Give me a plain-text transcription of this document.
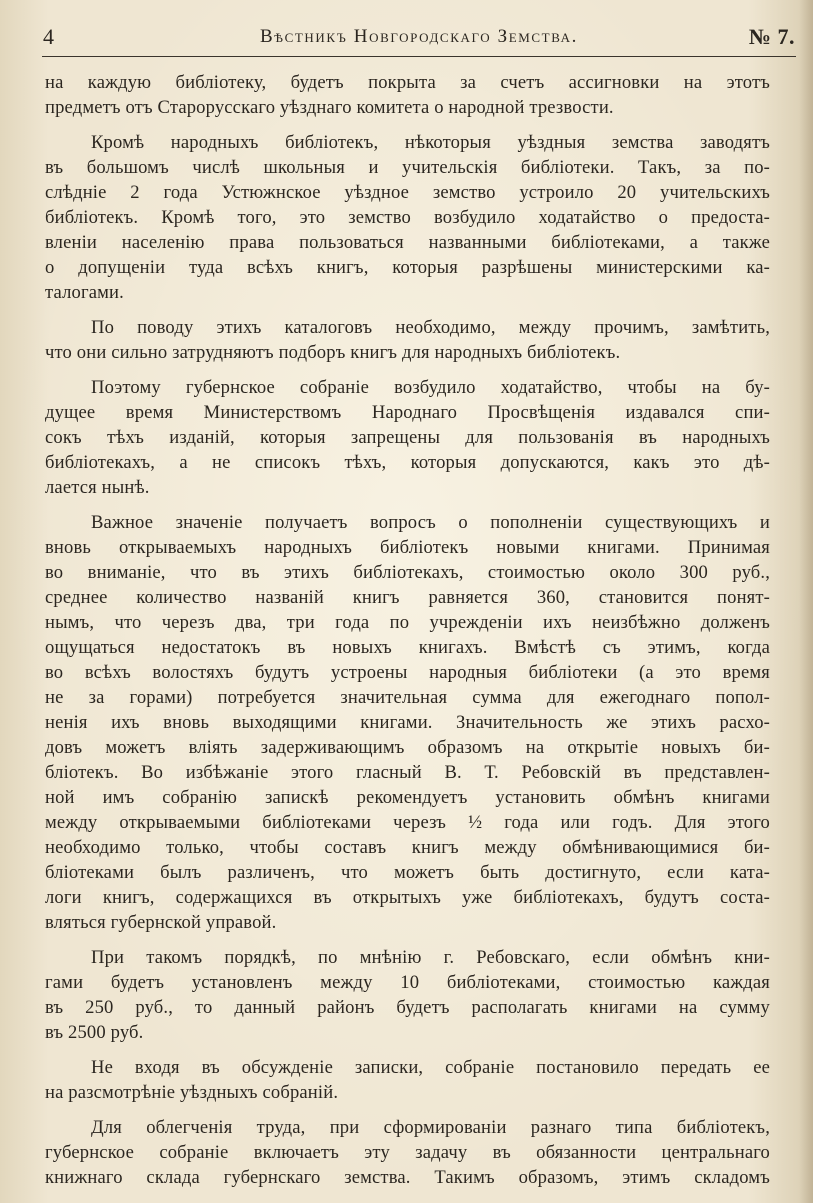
4	Вѣстникъ Новгородскаго Земства.	№ 7.
на каждую библіотеку, будетъ покрыта за счетъ ассигновки на этотъ
предметъ отъ Старорусскаго уѣзднаго комитета о народной трезвости.
Кромѣ народныхъ библіотекъ, нѣкоторыя уѣздныя земства заводятъ
въ большомъ числѣ школьныя и учительскія библіотеки. Такъ, за по-
слѣдніе 2 года Устюжнское уѣздное земство устроило 20 учительскихъ
библіотекъ. Кромѣ того, это земство возбудило ходатайство о предоста-
вленіи населенію права пользоваться названными библіотеками, а также
о допущеніи туда всѣхъ книгъ, которыя разрѣшены министерскими ка-
талогами.
По поводу этихъ каталоговъ необходимо, между прочимъ, замѣтить,
что они сильно затрудняютъ подборъ книгъ для народныхъ библіотекъ.
Поэтому губернское собраніе возбудило ходатайство, чтобы на бу-
дущее время Министерствомъ Народнаго Просвѣщенія издавался спи-
сокъ тѣхъ изданій, которыя запрещены для пользованія въ народныхъ
библіотекахъ, а не списокъ тѣхъ, которыя допускаются, какъ это дѣ-
лается нынѣ.
Важное значеніе получаетъ вопросъ о пополненіи существующихъ и
вновь открываемыхъ народныхъ библіотекъ новыми книгами. Принимая
во вниманіе, что въ этихъ библіотекахъ, стоимостью около 300 руб.,
среднее количество названій книгъ равняется 360, становится понят-
нымъ, что черезъ два, три года по учрежденіи ихъ неизбѣжно долженъ
ощущаться недостатокъ въ новыхъ книгахъ. Вмѣстѣ съ этимъ, когда
во всѣхъ волостяхъ будутъ устроены народныя библіотеки (а это время
не за горами) потребуется значительная сумма для ежегоднаго попол-
ненія ихъ вновь выходящими книгами. Значительность же этихъ расхо-
довъ можетъ вліять задерживающимъ образомъ на открытіе новыхъ би-
бліотекъ. Во избѣжаніе этого гласный В. Т. Ребовскій въ представлен-
ной имъ собранію запискѣ рекомендуетъ установить обмѣнъ книгами
между открываемыми библіотеками черезъ ½ года или годъ. Для этого
необходимо только, чтобы составъ книгъ между обмѣнивающимися би-
бліотеками былъ различенъ, что можетъ быть достигнуто, если ката-
логи книгъ, содержащихся въ открытыхъ уже библіотекахъ, будутъ соста-
вляться губернской управой.
При такомъ порядкѣ, по мнѣнію г. Ребовскаго, если обмѣнъ кни-
гами будетъ установленъ между 10 библіотеками, стоимостью каждая
въ 250 руб., то данный районъ будетъ располагать книгами на сумму
въ 2500 руб.
Не входя въ обсужденіе записки, собраніе постановило передать ее
на разсмотрѣніе уѣздныхъ собраній.
Для облегченія труда, при сформированіи разнаго типа библіотекъ,
губернское собраніе включаетъ эту задачу въ обязанности центральнаго
книжнаго склада губернскаго земства. Такимъ образомъ, этимъ складомъ
